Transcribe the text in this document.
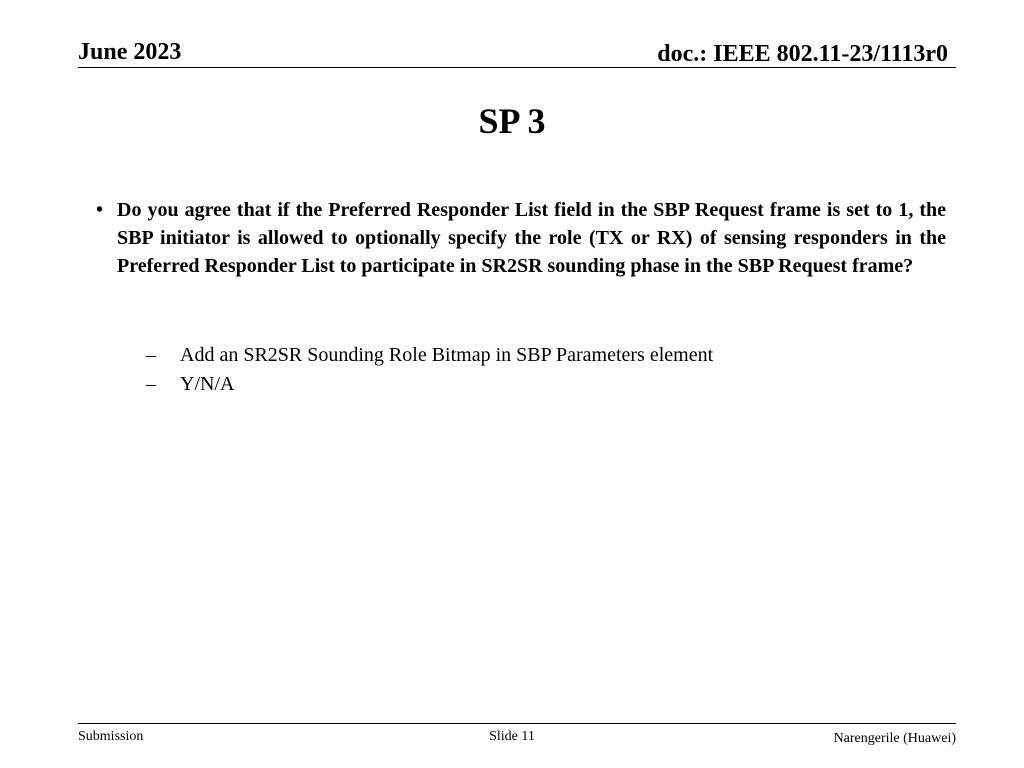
June 2023	doc.: IEEE 802.11-23/1113r0
SP 3
• Do you agree that if the Preferred Responder List field in the SBP Request frame is set to 1, the SBP initiator is allowed to optionally specify the role (TX or RX) of sensing responders in the Preferred Responder List to participate in SR2SR sounding phase in the SBP Request frame?
–	Add an SR2SR Sounding Role Bitmap in SBP Parameters element
–	Y/N/A
Submission	Slide 11	Narengerile (Huawei)
